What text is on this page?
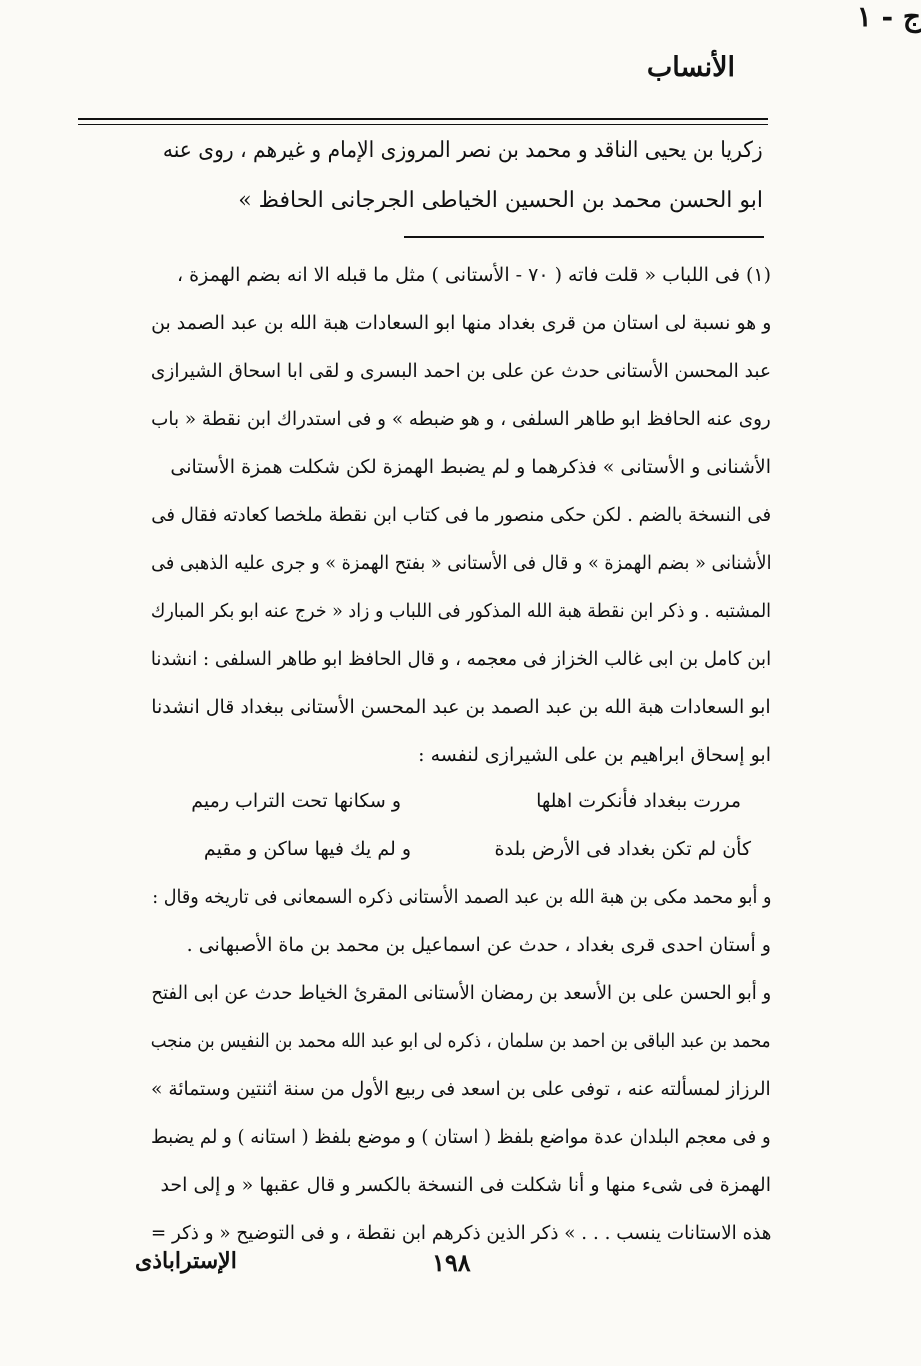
الأنساب
ج - ١
زكريا بن يحيى الناقد و محمد بن نصر المروزى الإمام و غيرهم ، روى عنه
ابو الحسن محمد بن الحسين الخياطى الجرجانى الحافظ »
(١) فى اللباب « قلت فاته ( ٧٠ - الأستانى ) مثل ما قبله الا انه بضم الهمزة ،
و هو نسبة لى استان من قرى بغداد منها ابو السعادات هبة الله بن عبد الصمد بن
عبد المحسن الأستانى حدث عن على بن احمد البسرى و لقى ابا اسحاق الشيرازى
روى عنه الحافظ ابو طاهر السلفى ، و هو ضبطه » و فى استدراك ابن نقطة « باب
الأشنانى و الأستانى » فذكرهما و لم يضبط الهمزة لكن شكلت همزة الأستانى
فى النسخة بالضم . لكن حكى منصور ما فى كتاب ابن نقطة ملخصا كعادته فقال فى
الأشنانى « بضم الهمزة » و قال فى الأستانى « بفتح الهمزة » و جرى عليه الذهبى فى
المشتبه . و ذكر ابن نقطة هبة الله المذكور فى اللباب و زاد « خرج عنه ابو بكر المبارك
ابن كامل بن ابى غالب الخزاز فى معجمه ، و قال الحافظ ابو طاهر السلفى : انشدنا
ابو السعادات هبة الله بن عبد الصمد بن عبد المحسن الأستانى ببغداد قال انشدنا
ابو إسحاق ابراهيم بن على الشيرازى لنفسه :
مررت ببغداد فأنكرت اهلها
و سكانها تحت التراب رميم
كأن لم تكن بغداد فى الأرض بلدة
و لم يك فيها ساكن و مقيم
و أبو محمد مكى بن هبة الله بن عبد الصمد الأستانى ذكره السمعانى فى تاريخه وقال :
و أستان احدى قرى بغداد ، حدث عن اسماعيل بن محمد بن ماة الأصبهانى .
و أبو الحسن على بن الأسعد بن رمضان الأستانى المقرئ الخياط حدث عن ابى الفتح
محمد بن عبد الباقى بن احمد بن سلمان ، ذكره لى ابو عبد الله محمد بن النفيس بن منجب
الرزاز لمسألته عنه ، توفى على بن اسعد فى ربيع الأول من سنة اثنتين وستمائة »
و فى معجم البلدان عدة مواضع بلفظ ( استان ) و موضع بلفظ ( استانه ) و لم يضبط
الهمزة فى شىء منها و أنا شكلت فى النسخة بالكسر و قال عقبها « و إلى احد
هذه الاستانات ينسب . . . » ذكر الذين ذكرهم ابن نقطة ، و فى التوضيح « و ذكر =
١٩٨
الإستراباذى
